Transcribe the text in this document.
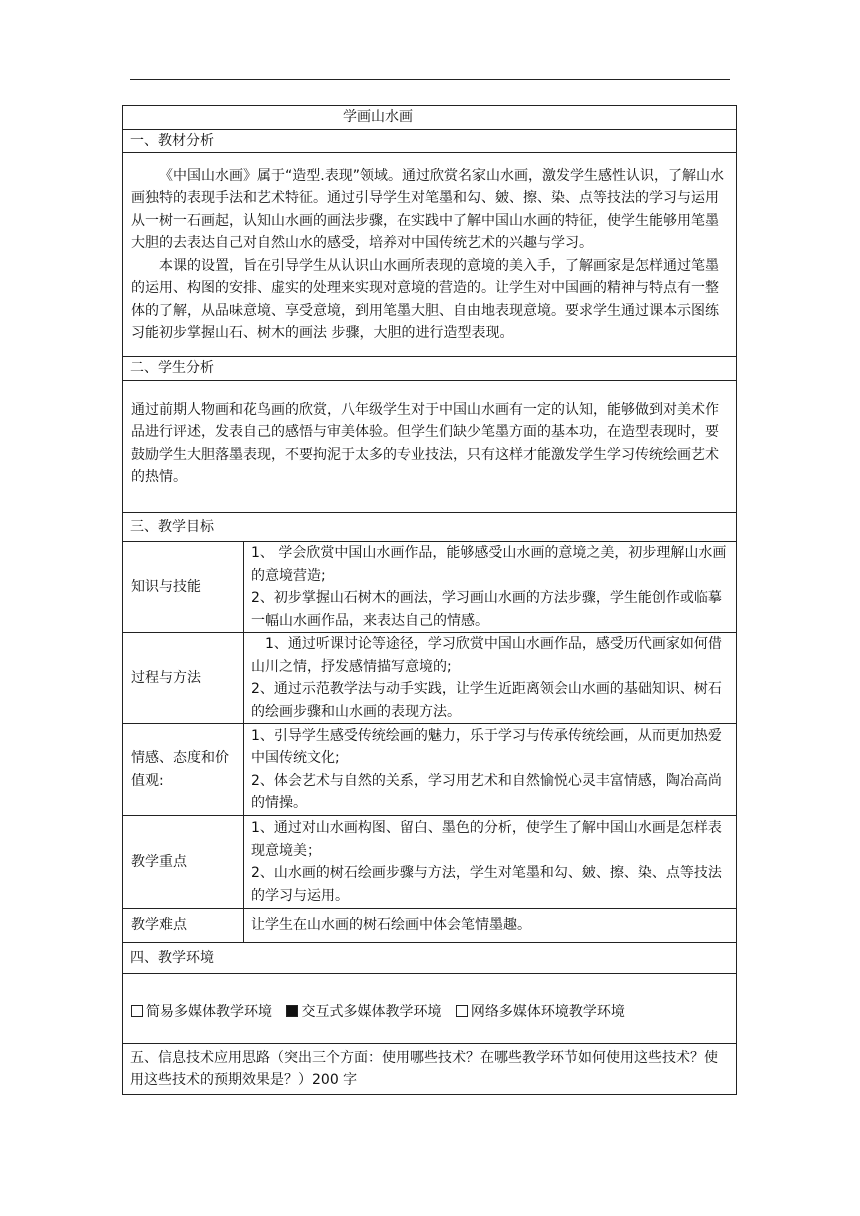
学画山水画	
一、教材分析	

《中国山水画》属于“造型.表现”领域。通过欣赏名家山水画，激发学生感性认识，了解山水画独特的表现手法和艺术特征。通过引导学生对笔墨和勾、皴、擦、染、点等技法的学习与运用从一树一石画起，认知山水画的画法步骤，在实践中了解中国山水画的特征，使学生能够用笔墨大胆的去表达自己对自然山水的感受，培养对中国传统艺术的兴趣与学习。

本课的设置，旨在引导学生从认识山水画所表现的意境的美入手，了解画家是怎样通过笔墨的运用、构图的安排、虚实的处理来实现对意境的营造的。让学生对中国画的精神与特点有一整体的了解，从品味意境、享受意境，到用笔墨大胆、自由地表现意境。要求学生通过课本示图练习能初步掌握山石、树木的画法 步骤，大胆的进行造型表现。	

二、学生分析	
通过前期人物画和花鸟画的欣赏，八年级学生对于中国山水画有一定的认知，能够做到对美术作品进行评述，发表自己的感悟与审美体验。但学生们缺少笔墨方面的基本功，在造型表现时，要鼓励学生大胆落墨表现，不要拘泥于太多的专业技法，只有这样才能激发学生学习传统绘画艺术的热情。	
三、教学目标	
知识与技能	1、 学会欣赏中国山水画作品，能够感受山水画的意境之美，初步理解山水画的意境营造;
2、初步掌握山石树木的画法，学习画山水画的方法步骤，学生能创作或临摹一幅山水画作品，来表达自己的情感。

过程与方法	1、通过听课讨论等途径，学习欣赏中国山水画作品，感受历代画家如何借山川之情，抒发感情描写意境的;
2、通过示范教学法与动手实践，让学生近距离领会山水画的基础知识、树石的绘画步骤和山水画的表现方法。

情感、态度和价值观:	1、引导学生感受传统绘画的魅力，乐于学习与传承传统绘画，从而更加热爱中国传统文化;
2、体会艺术与自然的关系，学习用艺术和自然愉悦心灵丰富情感，陶冶高尚的情操。

教学重点	1、通过对山水画构图、留白、墨色的分析，使学生了解中国山水画是怎样表现意境美；
2、山水画的树石绘画步骤与方法，学生对笔墨和勾、皴、擦、染、点等技法的学习与运用。

教学难点	让学生在山水画的树石绘画中体会笔情墨趣。
四、教学环境	
简易多媒体教学环境 交互式多媒体教学环境 网络多媒体环境教学环境	
五、信息技术应用思路（突出三个方面：使用哪些技术？在哪些教学环节如何使用这些技术？使用这些技术的预期效果是？）200 字	
